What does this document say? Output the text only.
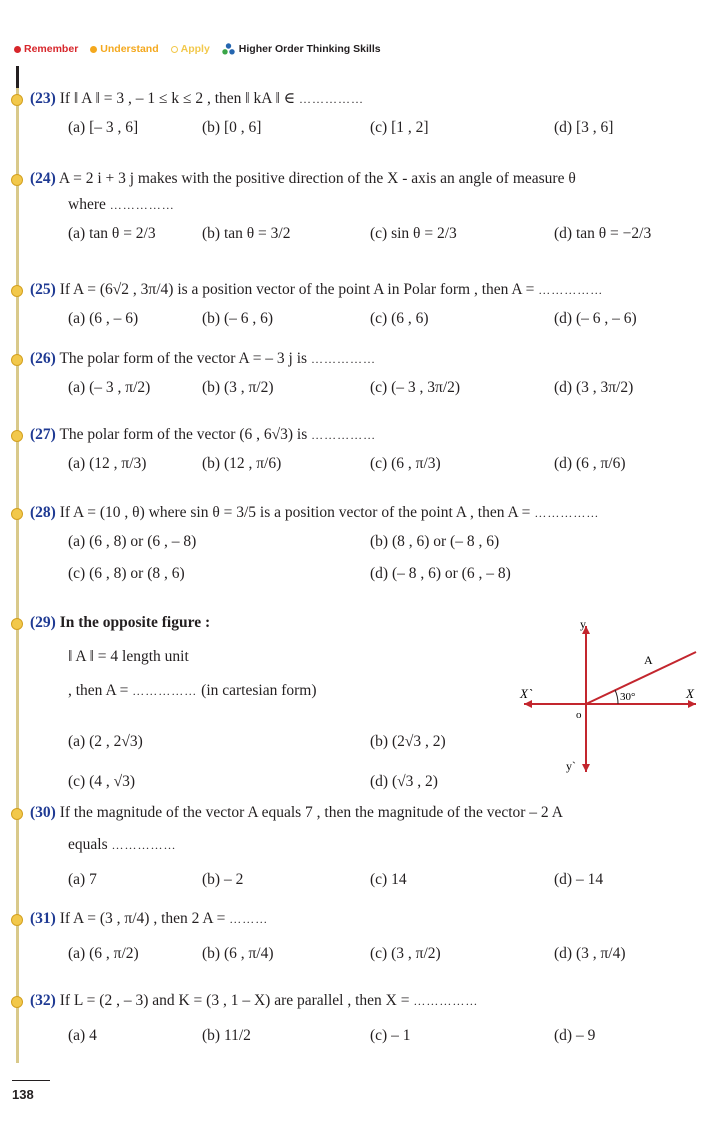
Remember Understand Apply	Higher Order Thinking Skills
(23) If ‖ A ‖ = 3 , – 1 ≤ k ≤ 2 , then ‖ kA ‖ ∈ ……………
(a) [– 3 , 6]	(b) [0 , 6]	(c) [1 , 2]	(d) [3 , 6]
(24) A = 2 i + 3 j makes with the positive direction of the X - axis an angle of measure θ
where ……………
(a) tan θ = 2/3	(b) tan θ = 3/2	(c) sin θ = 2/3	(d) tan θ = −2/3
(25) If A = (6√2 , 3π/4) is a position vector of the point A in Polar form , then A = ……………
(a) (6 , – 6)	(b) (– 6 , 6)	(c) (6 , 6)	(d) (– 6 , – 6)
(26) The polar form of the vector A = – 3 j is ……………
(a) (– 3 , π/2)	(b) (3 , π/2)	(c) (– 3 , 3π/2)	(d) (3 , 3π/2)
(27) The polar form of the vector (6 , 6√3) is ……………
(a) (12 , π/3)	(b) (12 , π/6)	(c) (6 , π/3)	(d) (6 , π/6)
(28) If A = (10 , θ) where sin θ = 3/5 is a position vector of the point A , then A = ……………
(a) (6 , 8) or (6 , – 8)	(b) (8 , 6) or (– 8 , 6)
(c) (6 , 8) or (8 , 6)	(d) (– 8 , 6) or (6 , – 8)
(29) In the opposite figure :
‖ A ‖ = 4 length unit
, then A = …………… (in cartesian form)
(a) (2 , 2√3)	(b) (2√3 , 2)
(c) (4 , √3)	(d) (√3 , 2)
y
y`
X
X`
o
A
30°
(30) If the magnitude of the vector A equals 7 , then the magnitude of the vector – 2 A
equals ……………
(a) 7	(b) – 2	(c) 14	(d) – 14
(31) If A = (3 , π/4) , then 2 A = ………
(a) (6 , π/2)	(b) (6 , π/4)	(c) (3 , π/2)	(d) (3 , π/4)
(32) If L = (2 , – 3) and K = (3 , 1 – X) are parallel , then X = ……………
(a) 4	(b) 11/2	(c) – 1	(d) – 9
138
